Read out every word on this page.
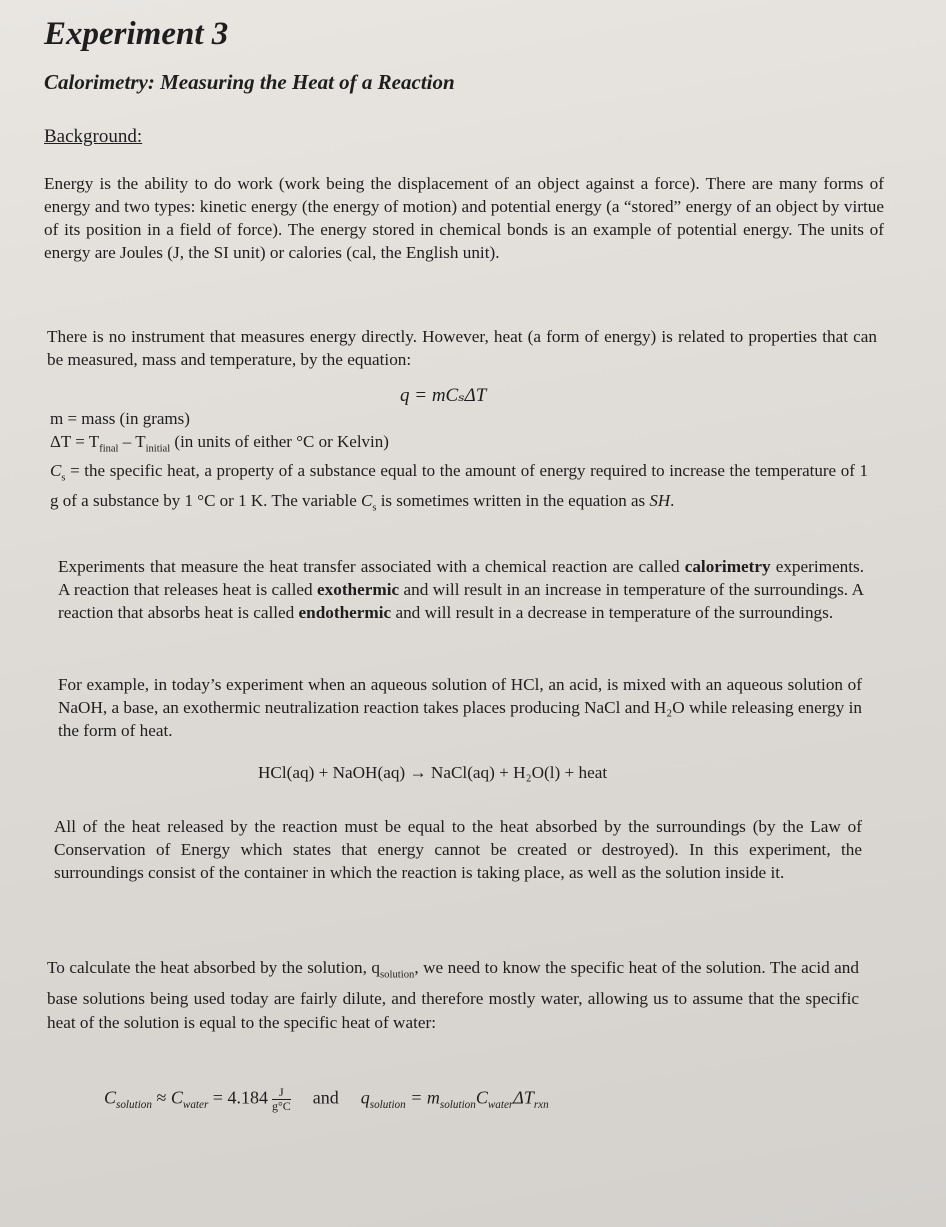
Experiment 3
Calorimetry: Measuring the Heat of a Reaction
Background:
Energy is the ability to do work (work being the displacement of an object against a force). There are many forms of energy and two types: kinetic energy (the energy of motion) and potential energy (a “stored” energy of an object by virtue of its position in a field of force). The energy stored in chemical bonds is an example of potential energy. The units of energy are Joules (J, the SI unit) or calories (cal, the English unit).
There is no instrument that measures energy directly. However, heat (a form of energy) is related to properties that can be measured, mass and temperature, by the equation:
q = mCₛΔT
m = mass (in grams)
$\Delta T = T_{final} - T_{initial}$ (in units of either °C or Kelvin)
$C_s$ = the specific heat, a property of a substance equal to the amount of energy required to increase the temperature of 1 g of a substance by 1 °C or 1 K. The variable $C_s$ is sometimes written in the equation as SH.
Experiments that measure the heat transfer associated with a chemical reaction are called calorimetry experiments. A reaction that releases heat is called exothermic and will result in an increase in temperature of the surroundings. A reaction that absorbs heat is called endothermic and will result in a decrease in temperature of the surroundings.
For example, in today’s experiment when an aqueous solution of HCl, an acid, is mixed with an aqueous solution of NaOH, a base, an exothermic neutralization reaction takes places producing NaCl and H₂O while releasing energy in the form of heat.
HCl(aq) + NaOH(aq) → NaCl(aq) + H₂O(l) + heat
All of the heat released by the reaction must be equal to the heat absorbed by the surroundings (by the Law of Conservation of Energy which states that energy cannot be created or destroyed). In this experiment, the surroundings consist of the container in which the reaction is taking place, as well as the solution inside it.
To calculate the heat absorbed by the solution, $q_{solution}$, we need to know the specific heat of the solution. The acid and base solutions being used today are fairly dilute, and therefore mostly water, allowing us to assume that the specific heat of the solution is equal to the specific heat of water:
$C_{solution} \approx C_{water} = 4.184 \frac{J}{g^\circ C}$ and $q_{solution} = m_{solution}C_{water}\Delta T_{rxn}$
